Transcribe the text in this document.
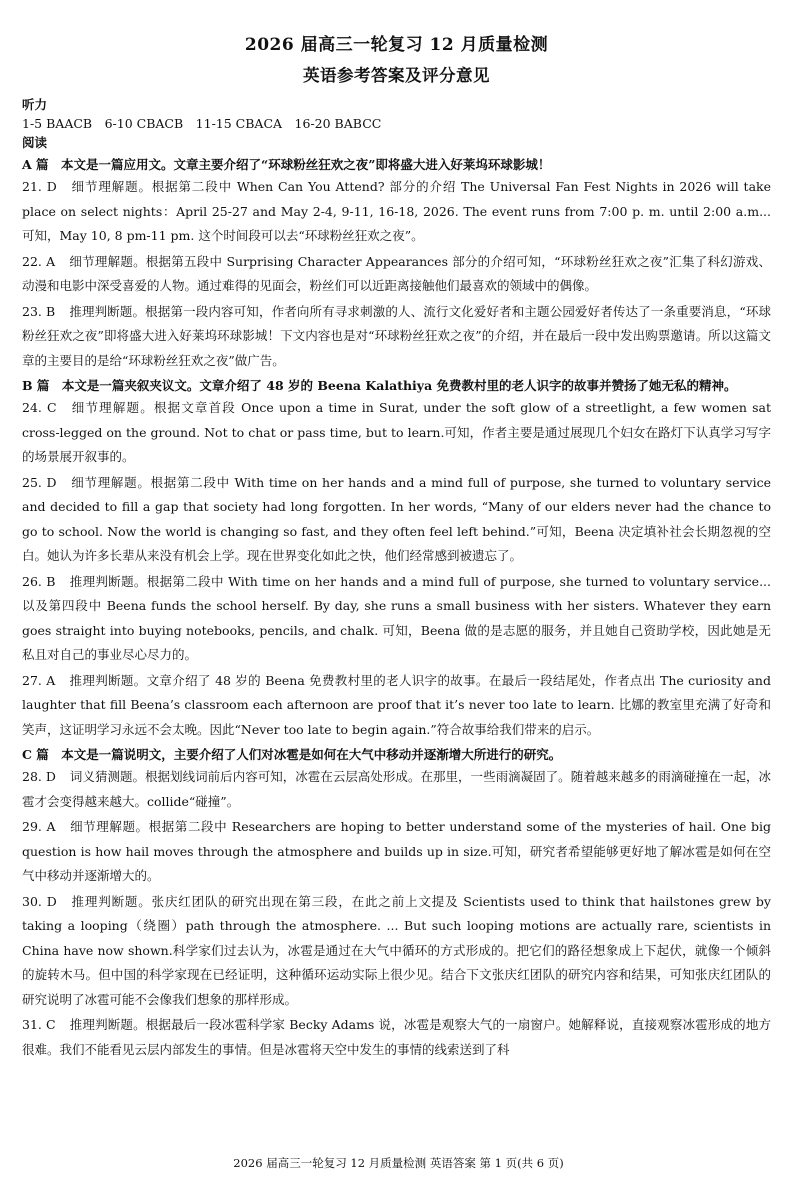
2026 届高三一轮复习 12 月质量检测
英语参考答案及评分意见
听力
1-5 BAACB　6-10 CBACB　11-15 CBACA　16-20 BABCC
阅读
A 篇　本文是一篇应用文。文章主要介绍了“环球粉丝狂欢之夜”即将盛大进入好莱坞环球影城！
21. D 细节理解题。根据第二段中 When Can You Attend? 部分的介绍 The Universal Fan Fest Nights in 2026 will take place on select nights：April 25-27 and May 2-4, 9-11, 16-18, 2026. The event runs from 7:00 p. m. until 2:00 a.m... 可知，May 10, 8 pm-11 pm. 这个时间段可以去“环球粉丝狂欢之夜”。
22. A 细节理解题。根据第五段中 Surprising Character Appearances 部分的介绍可知，“环球粉丝狂欢之夜”汇集了科幻游戏、动漫和电影中深受喜爱的人物。通过难得的见面会，粉丝们可以近距离接触他们最喜欢的领域中的偶像。
23. B 推理判断题。根据第一段内容可知，作者向所有寻求刺激的人、流行文化爱好者和主题公园爱好者传达了一条重要消息，“环球粉丝狂欢之夜”即将盛大进入好莱坞环球影城！下文内容也是对“环球粉丝狂欢之夜”的介绍，并在最后一段中发出购票邀请。所以这篇文章的主要目的是给“环球粉丝狂欢之夜”做广告。
B 篇　本文是一篇夹叙夹议文。文章介绍了 48 岁的 Beena Kalathiya 免费教村里的老人识字的故事并赞扬了她无私的精神。
24. C 细节理解题。根据文章首段 Once upon a time in Surat, under the soft glow of a streetlight, a few women sat cross-legged on the ground. Not to chat or pass time, but to learn.可知，作者主要是通过展现几个妇女在路灯下认真学习写字的场景展开叙事的。
25. D 细节理解题。根据第二段中 With time on her hands and a mind full of purpose, she turned to voluntary service and decided to fill a gap that society had long forgotten. In her words, “Many of our elders never had the chance to go to school. Now the world is changing so fast, and they often feel left behind.”可知，Beena 决定填补社会长期忽视的空白。她认为许多长辈从来没有机会上学。现在世界变化如此之快，他们经常感到被遗忘了。
26. B 推理判断题。根据第二段中 With time on her hands and a mind full of purpose, she turned to voluntary service... 以及第四段中 Beena funds the school herself. By day, she runs a small business with her sisters. Whatever they earn goes straight into buying notebooks, pencils, and chalk. 可知，Beena 做的是志愿的服务，并且她自己资助学校，因此她是无私且对自己的事业尽心尽力的。
27. A 推理判断题。文章介绍了 48 岁的 Beena 免费教村里的老人识字的故事。在最后一段结尾处，作者点出 The curiosity and laughter that fill Beena’s classroom each afternoon are proof that it’s never too late to learn. 比娜的教室里充满了好奇和笑声，这证明学习永远不会太晚。因此“Never too late to begin again.”符合故事给我们带来的启示。
C 篇　本文是一篇说明文，主要介绍了人们对冰雹是如何在大气中移动并逐渐增大所进行的研究。
28. D 词义猜测题。根据划线词前后内容可知，冰雹在云层高处形成。在那里，一些雨滴凝固了。随着越来越多的雨滴碰撞在一起，冰雹才会变得越来越大。collide“碰撞”。
29. A 细节理解题。根据第二段中 Researchers are hoping to better understand some of the mysteries of hail. One big question is how hail moves through the atmosphere and builds up in size.可知，研究者希望能够更好地了解冰雹是如何在空气中移动并逐渐增大的。
30. D 推理判断题。张庆红团队的研究出现在第三段，在此之前上文提及 Scientists used to think that hailstones grew by taking a looping（绕圈）path through the atmosphere. ... But such looping motions are actually rare, scientists in China have now shown.科学家们过去认为，冰雹是通过在大气中循环的方式形成的。把它们的路径想象成上下起伏，就像一个倾斜的旋转木马。但中国的科学家现在已经证明，这种循环运动实际上很少见。结合下文张庆红团队的研究内容和结果，可知张庆红团队的研究说明了冰雹可能不会像我们想象的那样形成。
31. C 推理判断题。根据最后一段冰雹科学家 Becky Adams 说，冰雹是观察大气的一扇窗户。她解释说，直接观察冰雹形成的地方很难。我们不能看见云层内部发生的事情。但是冰雹将天空中发生的事情的线索送到了科
2026 届高三一轮复习 12 月质量检测 英语答案 第 1 页(共 6 页)
